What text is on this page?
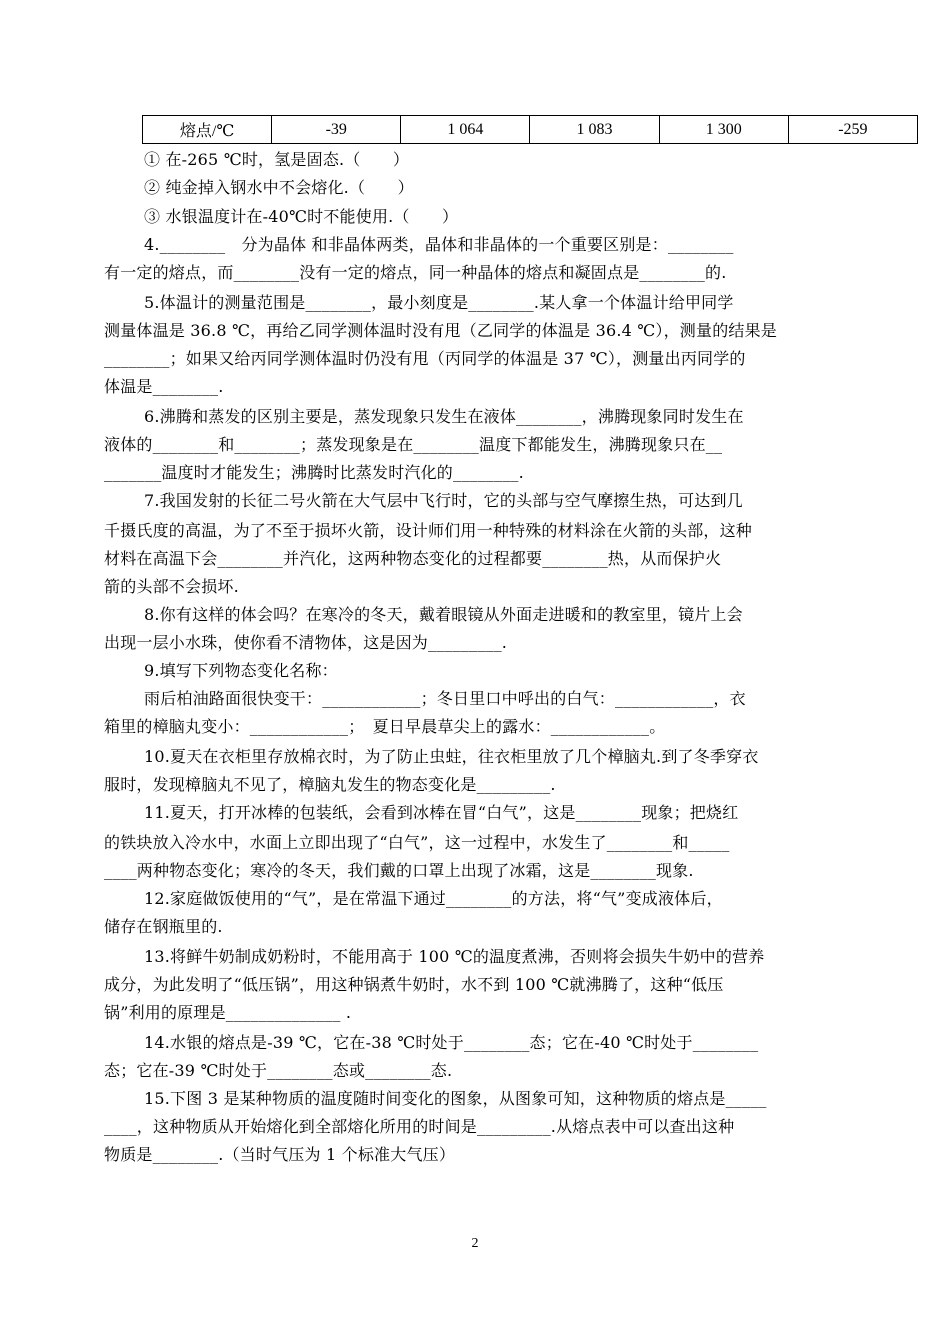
熔点/℃	-39	1 064	1 083	1 300	-259
① 在-265 ℃时，氢是固态.（　　）
② 纯金掉入钢水中不会熔化.（　　）
③ 水银温度计在-40℃时不能使用.（　　）
4.________　分为晶体 和非晶体两类，晶体和非晶体的一个重要区别是：________
有一定的熔点，而________没有一定的熔点，同一种晶体的熔点和凝固点是________的.
5.体温计的测量范围是________，最小刻度是________.某人拿一个体温计给甲同学
测量体温是 36.8 ℃，再给乙同学测体温时没有甩（乙同学的体温是 36.4 ℃），测量的结果是
________；如果又给丙同学测体温时仍没有甩（丙同学的体温是 37 ℃），测量出丙同学的
体温是________.
6.沸腾和蒸发的区别主要是，蒸发现象只发生在液体________，沸腾现象同时发生在
液体的________和________；蒸发现象是在________温度下都能发生，沸腾现象只在__
_______温度时才能发生；沸腾时比蒸发时汽化的________.
7.我国发射的长征二号火箭在大气层中飞行时，它的头部与空气摩擦生热，可达到几
千摄氏度的高温，为了不至于损坏火箭，设计师们用一种特殊的材料涂在火箭的头部，这种
材料在高温下会________并汽化，这两种物态变化的过程都要________热，从而保护火
箭的头部不会损坏.
8.你有这样的体会吗？在寒冷的冬天，戴着眼镜从外面走进暖和的教室里，镜片上会
出现一层小水珠，使你看不清物体，这是因为_________.
9.填写下列物态变化名称：
雨后柏油路面很快变干：____________；冬日里口中呼出的白气：____________，衣
箱里的樟脑丸变小：____________；　夏日早晨草尖上的露水：____________。
10.夏天在衣柜里存放棉衣时，为了防止虫蛀，往衣柜里放了几个樟脑丸.到了冬季穿衣
服时，发现樟脑丸不见了，樟脑丸发生的物态变化是_________.
11.夏天，打开冰棒的包装纸，会看到冰棒在冒“白气”，这是________现象；把烧红
的铁块放入冷水中，水面上立即出现了“白气”，这一过程中，水发生了________和_____
____两种物态变化；寒冷的冬天，我们戴的口罩上出现了冰霜，这是________现象.
12.家庭做饭使用的“气”，是在常温下通过________的方法，将“气”变成液体后，
储存在钢瓶里的.
13.将鲜牛奶制成奶粉时，不能用高于 100 ℃的温度煮沸，否则将会损失牛奶中的营养
成分，为此发明了“低压锅”，用这种锅煮牛奶时，水不到 100 ℃就沸腾了，这种“低压
锅”利用的原理是______________ .
14.水银的熔点是-39 ℃，它在-38 ℃时处于________态；它在-40 ℃时处于________
态；它在-39 ℃时处于________态或________态.
15.下图 3 是某种物质的温度随时间变化的图象，从图象可知，这种物质的熔点是_____
____，这种物质从开始熔化到全部熔化所用的时间是_________.从熔点表中可以查出这种
物质是________.（当时气压为 1 个标准大气压）
2
